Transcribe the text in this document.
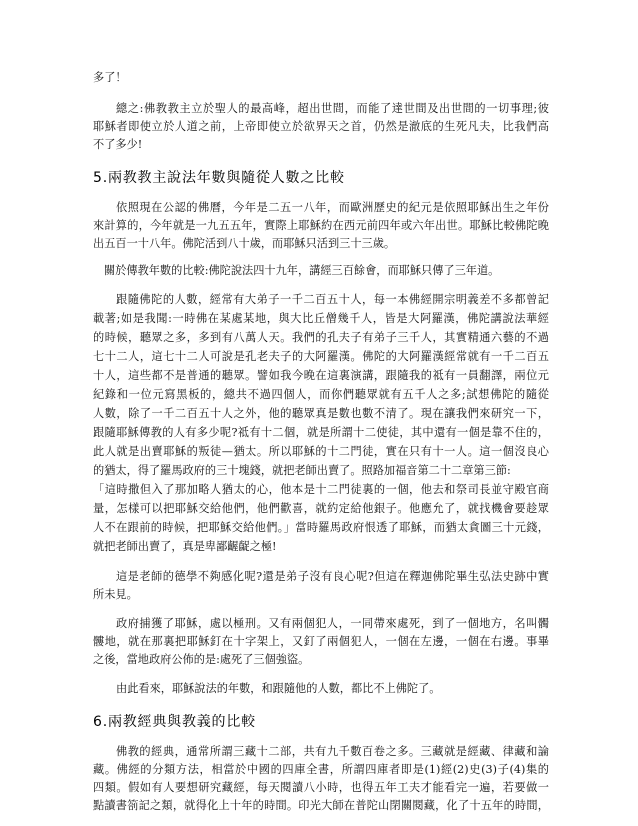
多了！
總之:佛教教主立於聖人的最高峰，超出世間，而能了達世間及出世間的一切事理;彼
耶穌者即使立於人道之前，上帝即使立於欲界天之首，仍然是澈底的生死凡夫，比我們高
不了多少!
5.兩教教主說法年數與隨從人數之比較
依照現在公認的佛曆，今年是二五一八年，而歐洲歷史的紀元是依照耶穌出生之年份
來計算的，今年就是一九五五年，實際上耶穌約在西元前四年或六年出世。耶穌比較佛陀晚
出五百一十八年。佛陀活到八十歲，而耶穌只活到三十三歲。
關於傳教年數的比較:佛陀說法四十九年，講經三百餘會，而耶穌只傳了三年道。
跟隨佛陀的人數，經常有大弟子一千二百五十人，每一本佛經開宗明義差不多都曾記
載著;如是我聞:一時佛在某處某地，與大比丘僧幾千人，皆是大阿羅漢，佛陀講說法華經
的時候，聽眾之多，多到有八萬人天。我們的孔夫子有弟子三千人，其實精通六藝的不過
七十二人，這七十二人可說是孔老夫子的大阿羅漢。佛陀的大阿羅漢經常就有一千二百五
十人，這些都不是普通的聽眾。譬如我今晚在這裏演講，跟隨我的祗有一員翻譯，兩位元
紀錄和一位元寫黑板的，總共不過四個人，而你們聽眾就有五千人之多;試想佛陀的隨從
人數，除了一千二百五十人之外，他的聽眾真是數也數不清了。現在讓我們來研究一下，
跟隨耶穌傳教的人有多少呢?祗有十二個，就是所謂十二使徒，其中還有一個是靠不住的，
此人就是出賣耶穌的叛徒—猶太。所以耶穌的十二門徒，實在只有十一人。這一個沒良心
的猶太，得了羅馬政府的三十塊錢，就把老師出賣了。照路加福音第二十二章第三節:
「這時撒但入了那加略人猶太的心，他本是十二門徒裏的一個，他去和祭司長並守殿官商
量，怎樣可以把耶穌交給他們，他們歡喜，就約定給他銀子。他應允了，就找機會要趁眾
人不在跟前的時候，把耶穌交給他們。」當時羅馬政府恨透了耶穌，而猶太貪圖三十元錢，
就把老師出賣了，真是卑鄙齷齪之極!
這是老師的德學不夠感化呢?還是弟子沒有良心呢?但這在釋迦佛陀畢生弘法史跡中實
所未見。
政府捕獲了耶穌，處以極刑。又有兩個犯人，一同帶來處死，到了一個地方，名叫髑
髏地，就在那裏把耶穌釘在十字架上，又釘了兩個犯人，一個在左邊，一個在右邊。事畢
之後，當地政府公佈的是:處死了三個強盜。
由此看來，耶穌說法的年數，和跟隨他的人數，都比不上佛陀了。
6.兩教經典與教義的比較
佛教的經典，通常所謂三藏十二部，共有九千數百卷之多。三藏就是經藏、律藏和論
藏。佛經的分類方法，相當於中國的四庫全書，所謂四庫者即是(1)經(2)史(3)子(4)集的
四類。假如有人要想研究藏經，每天閱讀八小時，也得五年工夫才能看完一遍，若要做一
點讀書箚記之類，就得化上十年的時間。印光大師在普陀山閉關閱藏，化了十五年的時間，
